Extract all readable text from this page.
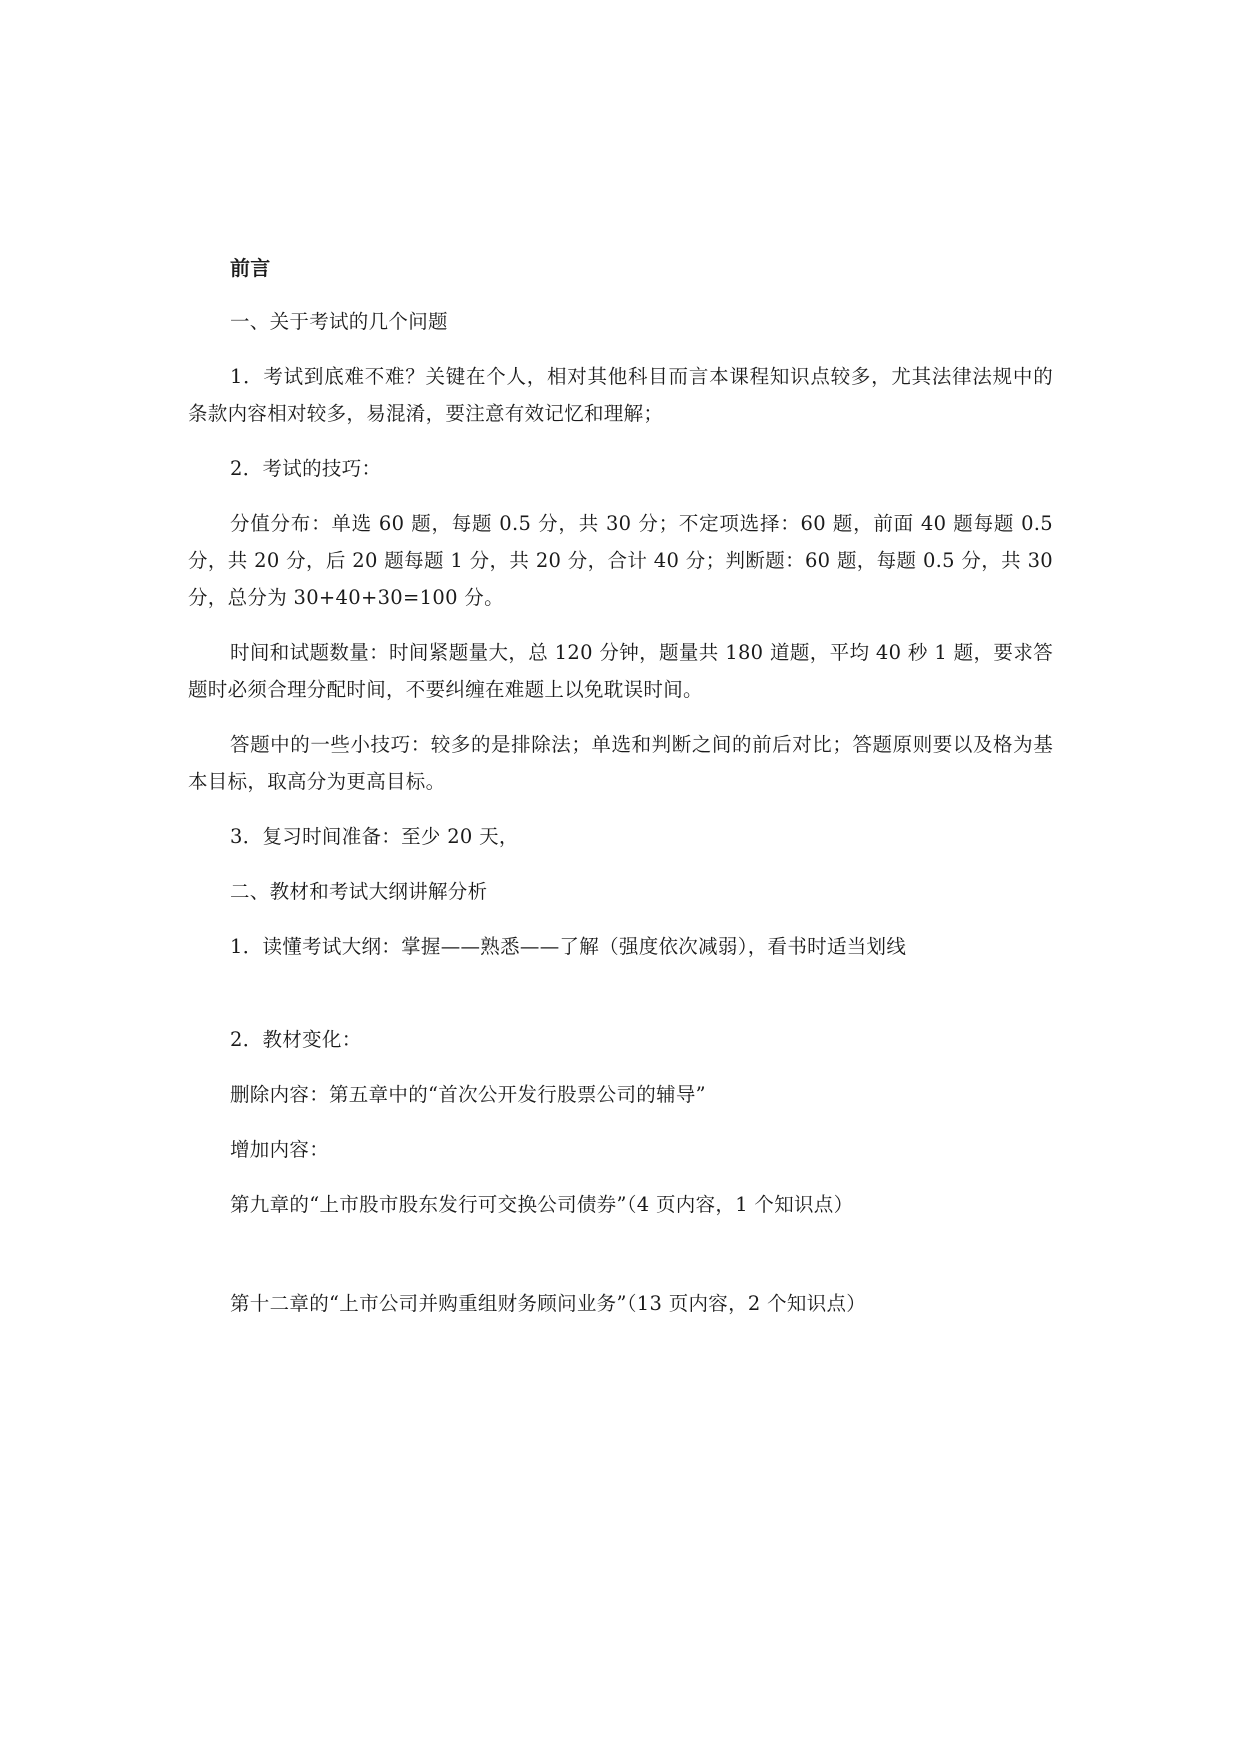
前言
一、关于考试的几个问题
1．考试到底难不难？关键在个人，相对其他科目而言本课程知识点较多，尤其法律法规中的条款内容相对较多，易混淆，要注意有效记忆和理解；
2．考试的技巧：
分值分布：单选 60 题，每题 0.5 分，共 30 分；不定项选择：60 题，前面 40 题每题 0.5 分，共 20 分，后 20 题每题 1 分，共 20 分，合计 40 分；判断题：60 题，每题 0.5 分，共 30 分，总分为 30+40+30=100 分。
时间和试题数量：时间紧题量大，总 120 分钟，题量共 180 道题，平均 40 秒 1 题，要求答题时必须合理分配时间，不要纠缠在难题上以免耽误时间。
答题中的一些小技巧：较多的是排除法；单选和判断之间的前后对比；答题原则要以及格为基本目标，取高分为更高目标。
3．复习时间准备：至少 20 天，
二、教材和考试大纲讲解分析
1．读懂考试大纲：掌握——熟悉——了解（强度依次减弱），看书时适当划线
2．教材变化：
删除内容：第五章中的“首次公开发行股票公司的辅导”
增加内容：
第九章的“上市股市股东发行可交换公司债券”（4 页内容，1 个知识点）
第十二章的“上市公司并购重组财务顾问业务”（13 页内容，2 个知识点）
